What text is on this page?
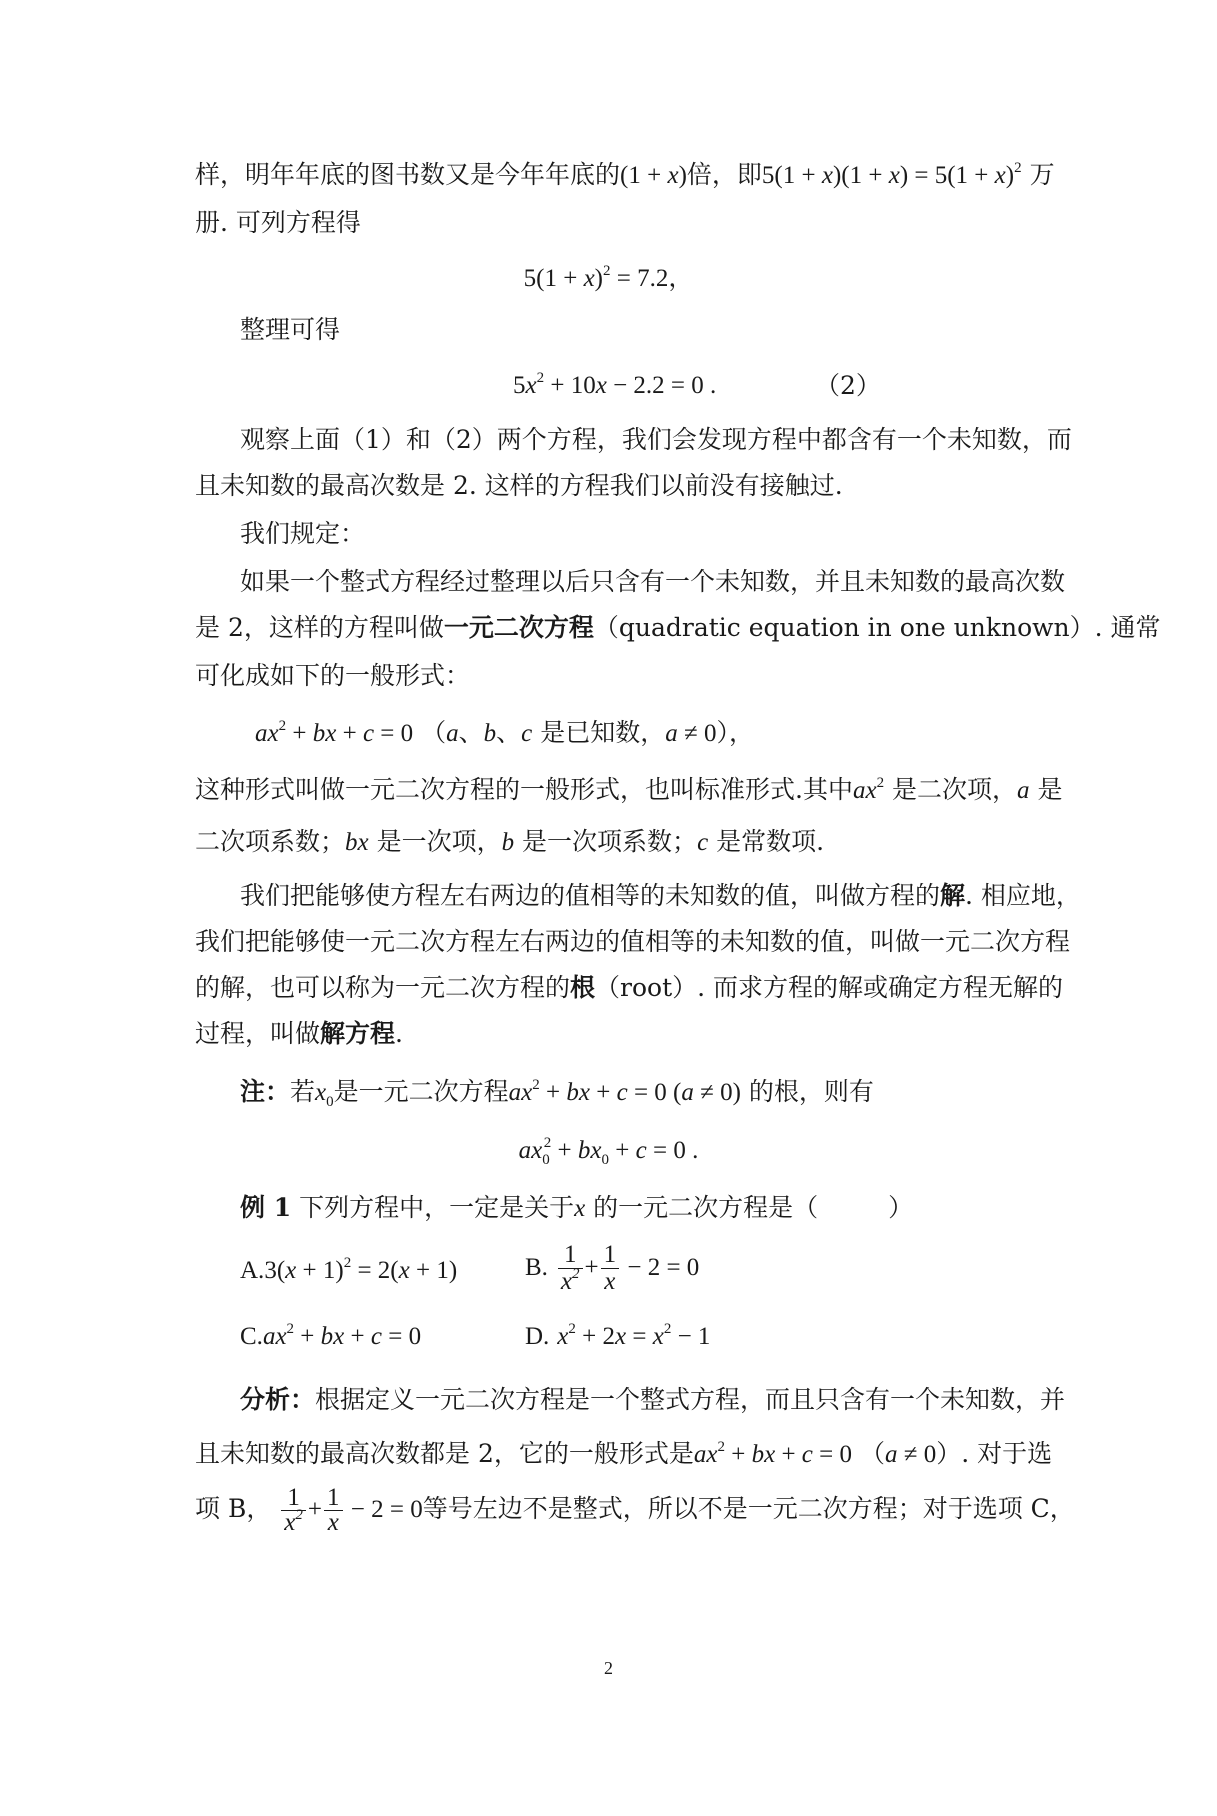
样，明年年底的图书数又是今年年底的(1 + x)倍，即$5(1 + x)(1 + x) = 5(1 + x)^2$ 万
册. 可列方程得
$5(1 + x)^2 = 7.2$，
整理可得
$5x^2 + 10x - 2.2 = 0$ .	（2）
观察上面（1）和（2）两个方程，我们会发现方程中都含有一个未知数，而
且未知数的最高次数是 2. 这样的方程我们以前没有接触过.
我们规定：
如果一个整式方程经过整理以后只含有一个未知数，并且未知数的最高次数
是 2，这样的方程叫做一元二次方程（quadratic equation in one unknown）. 通常
可化成如下的一般形式：
$ax^2$ + bx + c = 0 （a、b、c 是已知数，a ≠ 0），
这种形式叫做一元二次方程的一般形式，也叫标准形式.其中$ax^2$ 是二次项，a 是
二次项系数；bx 是一次项，b 是一次项系数；c 是常数项.
我们把能够使方程左右两边的值相等的未知数的值，叫做方程的解. 相应地，
我们把能够使一元二次方程左右两边的值相等的未知数的值，叫做一元二次方程
的解，也可以称为一元二次方程的根（root）. 而求方程的解或确定方程无解的
过程，叫做解方程.
注：若$x_0$是一元二次方程$ax^2$ + bx + c = 0 (a ≠ 0) 的根，则有
$ax_0^2 + bx_0 + c = 0$ .
例 1 下列方程中，一定是关于x 的一元二次方程是（	）
$A.3(x + 1)^2 = 2(x + 1)$	B. $\frac{1}{x^2} + \frac{1}{x} - 2 = 0$
$C.ax^2$ + bx + c = 0	D. $x^2 + 2x = x^2 - 1$
分析：根据定义一元二次方程是一个整式方程，而且只含有一个未知数，并
且未知数的最高次数都是 2，它的一般形式是$ax^2$ + bx + c = 0 （a ≠ 0）. 对于选
项 B， $\frac{1}{x^2} + \frac{1}{x} - 2 = 0$等号左边不是整式，所以不是一元二次方程；对于选项 C，
2
